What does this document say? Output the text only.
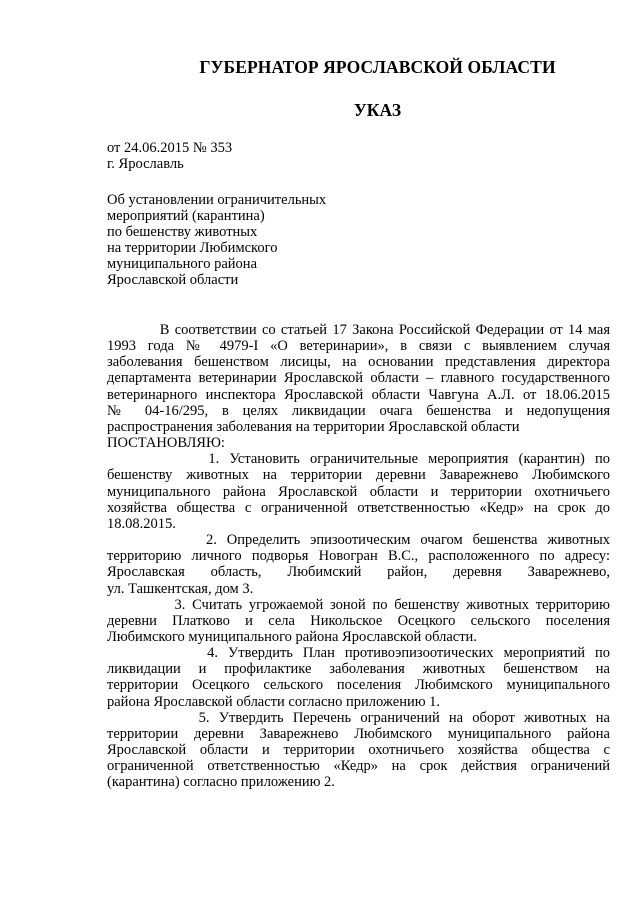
ГУБЕРНАТОР ЯРОСЛАВСКОЙ ОБЛАСТИ
УКАЗ
от 24.06.2015 № 353
г. Ярославль
Об установлении ограничительных
мероприятий (карантина)
по бешенству животных
на территории Любимского
муниципального района
Ярославской области
В соответствии со статьей 17 Закона Российской Федерации от 14 мая
1993 года № 4979-I «О ветеринарии», в связи с выявлением случая
заболевания бешенством лисицы, на основании представления директора
департамента ветеринарии Ярославской области – главного государственного
ветеринарного инспектора Ярославской области Чавгуна А.Л. от 18.06.2015
№ 04-16/295, в целях ликвидации очага бешенства и недопущения
распространения заболевания на территории Ярославской области
ПОСТАНОВЛЯЮ:
1. Установить ограничительные мероприятия (карантин) по
бешенству животных на территории деревни Заварежнево Любимского
муниципального района Ярославской области и территории охотничьего
хозяйства общества с ограниченной ответственностью «Кедр» на срок до
18.08.2015.
2. Определить эпизоотическим очагом бешенства животных
территорию личного подворья Новогран В.С., расположенного по адресу:
Ярославская область, Любимский район, деревня Заварежнево,
ул. Ташкентская, дом 3.
3. Считать угрожаемой зоной по бешенству животных территорию
деревни Платково и села Никольское Осецкого сельского поселения
Любимского муниципального района Ярославской области.
4. Утвердить План противоэпизоотических мероприятий по
ликвидации и профилактике заболевания животных бешенством на
территории Осецкого сельского поселения Любимского муниципального
района Ярославской области согласно приложению 1.
5. Утвердить Перечень ограничений на оборот животных на
территории деревни Заварежнево Любимского муниципального района
Ярославской области и территории охотничьего хозяйства общества с
ограниченной ответственностью «Кедр» на срок действия ограничений
(карантина) согласно приложению 2.
